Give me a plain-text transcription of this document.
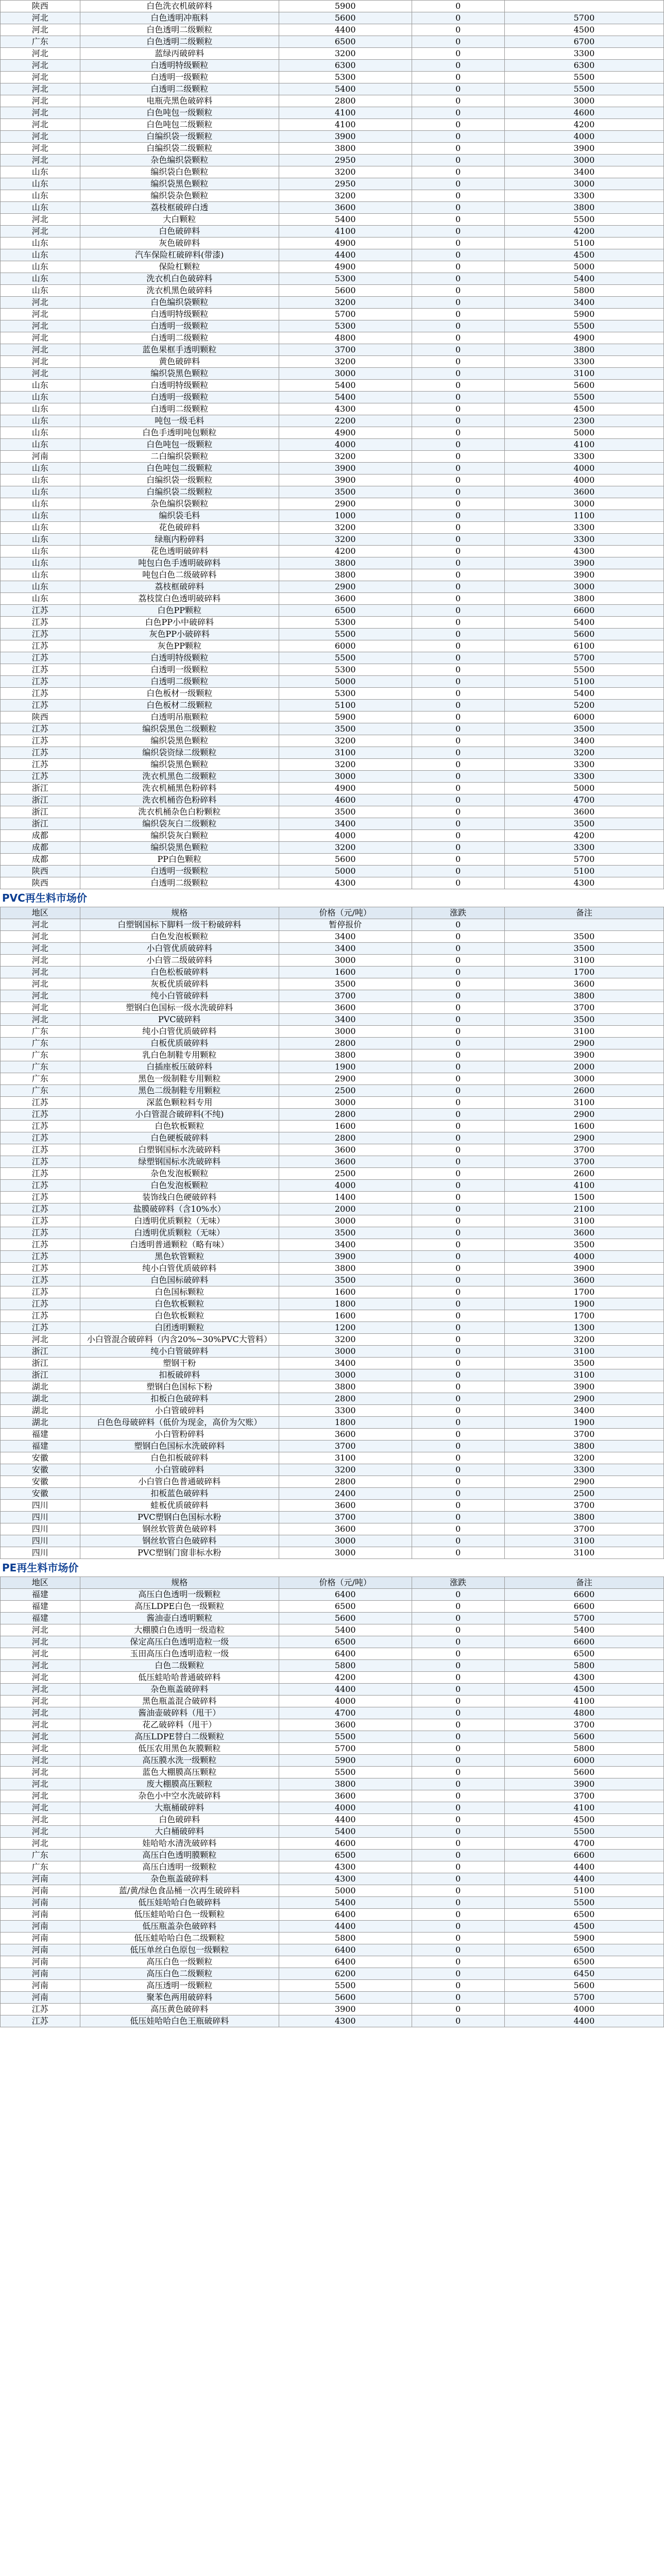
陕西	白色洗衣机破碎料	5900	0	
河北	白色透明冲瓶料	5600	0	5700
河北	白色透明二级颗粒	4400	0	4500
广东	白色透明二级颗粒	6500	0	6700
河北	蓝绿丙破碎料	3200	0	3300
河北	白透明特级颗粒	6300	0	6300
河北	白透明一级颗粒	5300	0	5500
河北	白透明二级颗粒	5400	0	5500
河北	电瓶壳黑色破碎料	2800	0	3000
河北	白色吨包一级颗粒	4100	0	4600
河北	白色吨包二级颗粒	4100	0	4200
河北	白编织袋一级颗粒	3900	0	4000
河北	白编织袋二级颗粒	3800	0	3900
河北	杂色编织袋颗粒	2950	0	3000
山东	编织袋白色颗粒	3200	0	3400
山东	编织袋黑色颗粒	2950	0	3000
山东	编织袋杂色颗粒	3200	0	3300
山东	荔枝框破碎白透	3600	0	3800
河北	大白颗粒	5400	0	5500
河北	白色破碎料	4100	0	4200
山东	灰色破碎料	4900	0	5100
山东	汽车保险杠破碎料(带漆)	4400	0	4500
山东	保险杠颗粒	4900	0	5000
山东	洗衣机白色破碎料	5300	0	5400
山东	洗衣机黑色破碎料	5600	0	5800
河北	白色编织袋颗粒	3200	0	3400
河北	白透明特级颗粒	5700	0	5900
河北	白透明一级颗粒	5300	0	5500
河北	白透明二级颗粒	4800	0	4900
河北	蓝色果框手透明颗粒	3700	0	3800
河北	黄色破碎料	3200	0	3300
河北	编织袋黑色颗粒	3000	0	3100
山东	白透明特级颗粒	5400	0	5600
山东	白透明一级颗粒	5400	0	5500
山东	白透明二级颗粒	4300	0	4500
山东	吨包一级毛料	2200	0	2300
山东	白色手透明吨包颗粒	4900	0	5000
山东	白色吨包一级颗粒	4000	0	4100
河南	二白编织袋颗粒	3200	0	3300
山东	白色吨包二级颗粒	3900	0	4000
山东	白编织袋一级颗粒	3900	0	4000
山东	白编织袋二级颗粒	3500	0	3600
山东	杂色编织袋颗粒	2900	0	3000
山东	编织袋毛料	1000	0	1100
山东	花色破碎料	3200	0	3300
山东	绿瓶内粉碎料	3200	0	3300
山东	花色透明破碎料	4200	0	4300
山东	吨包白色手透明破碎料	3800	0	3900
山东	吨包白色二级破碎料	3800	0	3900
山东	荔枝框破碎料	2900	0	3000
山东	荔枝筐白色透明破碎料	3600	0	3800
江苏	白色PP颗粒	6500	0	6600
江苏	白色PP小中破碎料	5300	0	5400
江苏	灰色PP小破碎料	5500	0	5600
江苏	灰色PP颗粒	6000	0	6100
江苏	白透明特级颗粒	5500	0	5700
江苏	白透明一级颗粒	5300	0	5500
江苏	白透明二级颗粒	5000	0	5100
江苏	白色板材一级颗粒	5300	0	5400
江苏	白色板材二级颗粒	5100	0	5200
陕西	白透明吊瓶颗粒	5900	0	6000
江苏	编织袋黑色二级颗粒	3500	0	3500
江苏	编织袋黑色颗粒	3200	0	3400
江苏	编织袋资绿二级颗粒	3100	0	3200
江苏	编织袋黑色颗粒	3200	0	3300
江苏	洗衣机黑色二级颗粒	3000	0	3300
浙江	洗衣机桶黑色粉碎料	4900	0	5000
浙江	洗衣机桶咨色粉碎料	4600	0	4700
浙江	洗衣机桶杂色白粉颗粒	3500	0	3600
浙江	编织袋灰白二级颗粒	3400	0	3500
成都	编织袋灰白颗粒	4000	0	4200
成都	编织袋黑色颗粒	3200	0	3300
成都	PP白色颗粒	5600	0	5700
陕西	白透明一级颗粒	5000	0	5100
陕西	白透明二级颗粒	4300	0	4300
PVC再生料市场价
地区	规格	价格（元/吨）	涨跌	备注
河北	白塑钢国标下脚料一级干粉破碎料	暂停报价	0	
河北	白色发泡板颗粒	3400	0	3500
河北	小白管优质破碎料	3400	0	3500
河北	小白管二级破碎料	3000	0	3100
河北	白色松板破碎料	1600	0	1700
河北	灰板优质破碎料	3500	0	3600
河北	纯小白管破碎料	3700	0	3800
河北	塑钢白色国标一级水洗破碎料	3600	0	3700
河北	PVC破碎料	3400	0	3500
广东	纯小白管优质破碎料	3000	0	3100
广东	白板优质破碎料	2800	0	2900
广东	乳白色制鞋专用颗粒	3800	0	3900
广东	白插座板压破碎料	1900	0	2000
广东	黑色一级制鞋专用颗粒	2900	0	3000
广东	黑色二级制鞋专用颗粒	2500	0	2600
江苏	深蓝色颗粒料专用	3000	0	3100
江苏	小白管混合破碎料(不纯)	2800	0	2900
江苏	白色软板颗粒	1600	0	1600
江苏	白色硬板破碎料	2800	0	2900
江苏	白塑钢国标水洗破碎料	3600	0	3700
江苏	绿塑钢国标水洗破碎料	3600	0	3700
江苏	杂色发泡板颗粒	2500	0	2600
江苏	白色发泡板颗粒	4000	0	4100
江苏	装饰线白色硬破碎料	1400	0	1500
江苏	盐膜破碎料（含10%水）	2000	0	2100
江苏	白透明优质颗粒（无味）	3000	0	3100
江苏	白透明优质颗粒（无味）	3500	0	3600
江苏	白透明普通颗粒（略有味）	3400	0	3500
江苏	黑色软管颗粒	3900	0	4000
江苏	纯小白管优质破碎料	3800	0	3900
江苏	白色国标破碎料	3500	0	3600
江苏	白色国标颗粒	1600	0	1700
江苏	白色软板颗粒	1800	0	1900
江苏	白色软板颗粒	1600	0	1700
江苏	白团透明颗粒	1200	0	1300
河北	小白管混合破碎料（内含20%~30%PVC大管料）	3200	0	3200
浙江	纯小白管破碎料	3000	0	3100
浙江	塑钢干粉	3400	0	3500
浙江	扣板破碎料	3000	0	3100
湖北	塑钢白色国标下粉	3800	0	3900
湖北	扣板白色破碎料	2800	0	2900
湖北	小白管破碎料	3300	0	3400
湖北	白色色母破碎料（低价为现金，高价为欠账）	1800	0	1900
福建	小白管粉碎料	3600	0	3700
福建	塑钢白色国标水洗破碎料	3700	0	3800
安徽	白色扣板破碎料	3100	0	3200
安徽	小白管破碎料	3200	0	3300
安徽	小白管白色普通破碎料	2800	0	2900
安徽	扣板蓝色破碎料	2400	0	2500
四川	蛙板优质破碎料	3600	0	3700
四川	PVC塑钢白色国标水粉	3700	0	3800
四川	钢丝软管黄色破碎料	3600	0	3700
四川	钢丝软管白色破碎料	3000	0	3100
四川	PVC塑钢门窗非标水粉	3000	0	3100
PE再生料市场价
地区	规格	价格（元/吨）	涨跌	备注
福建	高压白色透明一级颗粒	6400	0	6600
福建	高压LDPE白色一级颗粒	6500	0	6600
福建	酱油壶白透明颗粒	5600	0	5700
河北	大棚膜白色透明一级造粒	5400	0	5400
河北	保定高压白色透明造粒一级	6500	0	6600
河北	玉田高压白色透明造粒一级	6400	0	6500
河北	白色二级颗粒	5800	0	5800
河北	低压蛙哈哈普通破碎料	4200	0	4300
河北	杂色瓶盖破碎料	4400	0	4500
河北	黑色瓶盖混合破碎料	4000	0	4100
河北	酱油壶破碎料（甩干）	4700	0	4800
河北	花乙破碎料（甩干）	3600	0	3700
河北	高压LDPE替白二级颗粒	5500	0	5600
河北	低压农用黑色灰膜颗粒	5700	0	5800
河北	高压膜水洗一级颗粒	5900	0	6000
河北	蓝色大棚膜高压颗粒	5500	0	5600
河北	废大棚膜高压颗粒	3800	0	3900
河北	杂色小中空水洗破碎料	3600	0	3700
河北	大瓶桶破碎料	4000	0	4100
河北	白色破碎料	4400	0	4500
河北	大白桶破碎料	5400	0	5500
河北	娃哈哈水清洗破碎料	4600	0	4700
广东	高压白色透明膜颗粒	6500	0	6600
广东	高压白透明一级颗粒	4300	0	4400
河南	杂色瓶盖破碎料	4300	0	4400
河南	蓝/黄/绿色食品桶一次再生破碎料	5000	0	5100
河南	低压娃哈哈白色破碎料	5400	0	5500
河南	低压蛙哈哈白色一级颗粒	6400	0	6500
河南	低压瓶盖杂色破碎料	4400	0	4500
河南	低压蛙哈哈白色二级颗粒	5800	0	5900
河南	低压单丝白色原包一级颗粒	6400	0	6500
河南	高压白色一级颗粒	6400	0	6500
河南	高压白色二级颗粒	6200	0	6450
河南	高压透明一级颗粒	5500	0	5600
河南	聚苯色两用破碎料	5600	0	5700
江苏	高压黄色破碎料	3900	0	4000
江苏	低压娃哈哈白色王瓶破碎料	4300	0	4400
